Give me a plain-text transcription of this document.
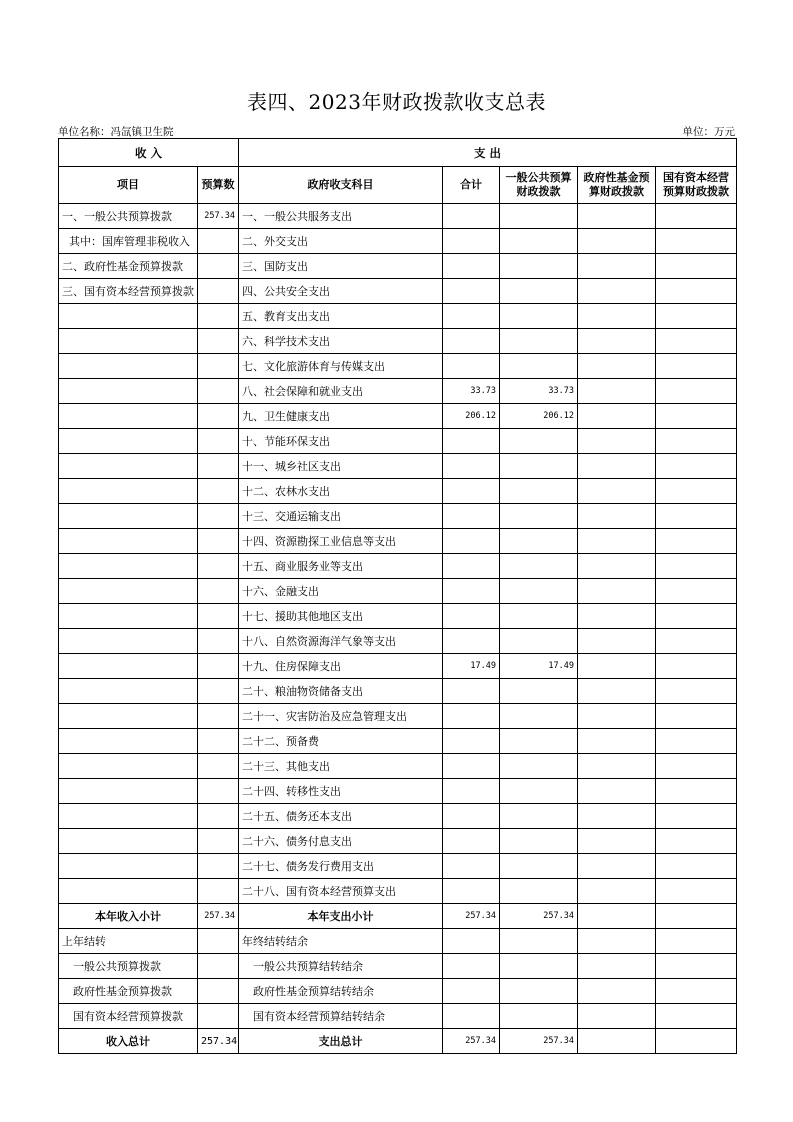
表四、2023年财政拨款收支总表
单位名称：冯氙镇卫生院	单位：万元
收 入		支 出				
项目	预算数	政府收支科目	合计	一般公共预算财政拨款	政府性基金预算财政拨款	国有资本经营预算财政拨款
一、一般公共预算拨款	257.34	一、一般公共服务支出				
其中：国库管理非税收入		二、外交支出				
二、政府性基金预算拨款		三、国防支出				
三、国有资本经营预算拨款		四、公共安全支出				
		五、教育支出支出				
		六、科学技术支出				
		七、文化旅游体育与传媒支出				
		八、社会保障和就业支出	33.73	33.73		
		九、卫生健康支出	206.12	206.12		
		十、节能环保支出				
		十一、城乡社区支出				
		十二、农林水支出				
		十三、交通运输支出				
		十四、资源勘探工业信息等支出				
		十五、商业服务业等支出				
		十六、金融支出				
		十七、援助其他地区支出				
		十八、自然资源海洋气象等支出				
		十九、住房保障支出	17.49	17.49		
		二十、粮油物资储备支出				
		二十一、灾害防治及应急管理支出				
		二十二、预备费				
		二十三、其他支出				
		二十四、转移性支出				
		二十五、债务还本支出				
		二十六、债务付息支出				
		二十七、债务发行费用支出				
		二十八、国有资本经营预算支出				
本年收入小计	257.34	本年支出小计	257.34	257.34		
上年结转		年终结转结余				
一般公共预算拨款		一般公共预算结转结余				
政府性基金预算拨款		政府性基金预算结转结余				
国有资本经营预算拨款		国有资本经营预算结转结余				
收入总计	257.34	支出总计	257.34	257.34		
